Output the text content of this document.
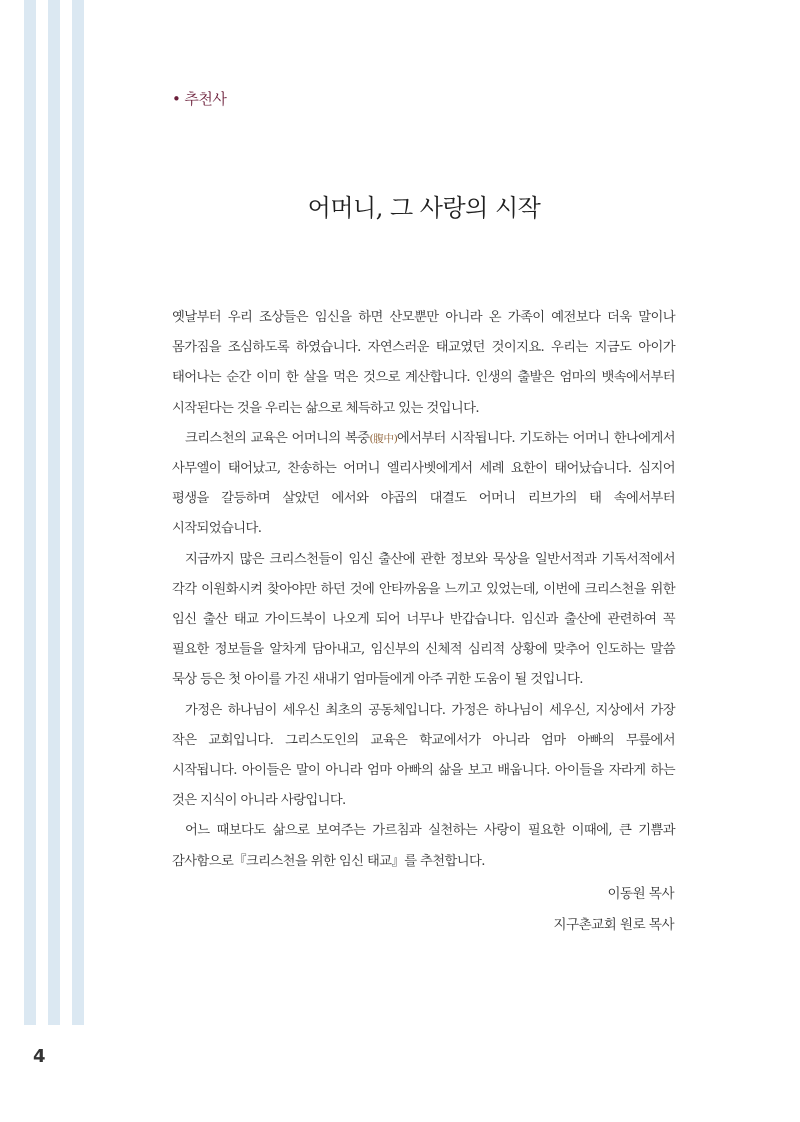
• 추천사
어머니, 그 사랑의 시작

옛날부터 우리 조상들은 임신을 하면 산모뿐만 아니라 온 가족이 예전보다 더욱 말이나 몸가짐을 조심하도록 하였습니다. 자연스러운 태교였던 것이지요. 우리는 지금도 아이가 태어나는 순간 이미 한 살을 먹은 것으로 계산합니다. 인생의 출발은 엄마의 뱃속에서부터 시작된다는 것을 우리는 삶으로 체득하고 있는 것입니다.

크리스천의 교육은 어머니의 복중(腹中)에서부터 시작됩니다. 기도하는 어머니 한나에게서 사무엘이 태어났고, 찬송하는 어머니 엘리사벳에게서 세례 요한이 태어났습니다. 심지어 평생을 갈등하며 살았던 에서와 야곱의 대결도 어머니 리브가의 태 속에서부터 시작되었습니다.

지금까지 많은 크리스천들이 임신 출산에 관한 정보와 묵상을 일반서적과 기독서적에서 각각 이원화시켜 찾아야만 하던 것에 안타까움을 느끼고 있었는데, 이번에 크리스천을 위한 임신 출산 태교 가이드북이 나오게 되어 너무나 반갑습니다. 임신과 출산에 관련하여 꼭 필요한 정보들을 알차게 담아내고, 임신부의 신체적 심리적 상황에 맞추어 인도하는 말씀 묵상 등은 첫 아이를 가진 새내기 엄마들에게 아주 귀한 도움이 될 것입니다.

가정은 하나님이 세우신 최초의 공동체입니다. 가정은 하나님이 세우신, 지상에서 가장 작은 교회입니다. 그리스도인의 교육은 학교에서가 아니라 엄마 아빠의 무릎에서 시작됩니다. 아이들은 말이 아니라 엄마 아빠의 삶을 보고 배웁니다. 아이들을 자라게 하는 것은 지식이 아니라 사랑입니다.

어느 때보다도 삶으로 보여주는 가르침과 실천하는 사랑이 필요한 이때에, 큰 기쁨과 감사함으로『크리스천을 위한 임신 태교』를 추천합니다.

이동원 목사
지구촌교회 원로 목사
4
